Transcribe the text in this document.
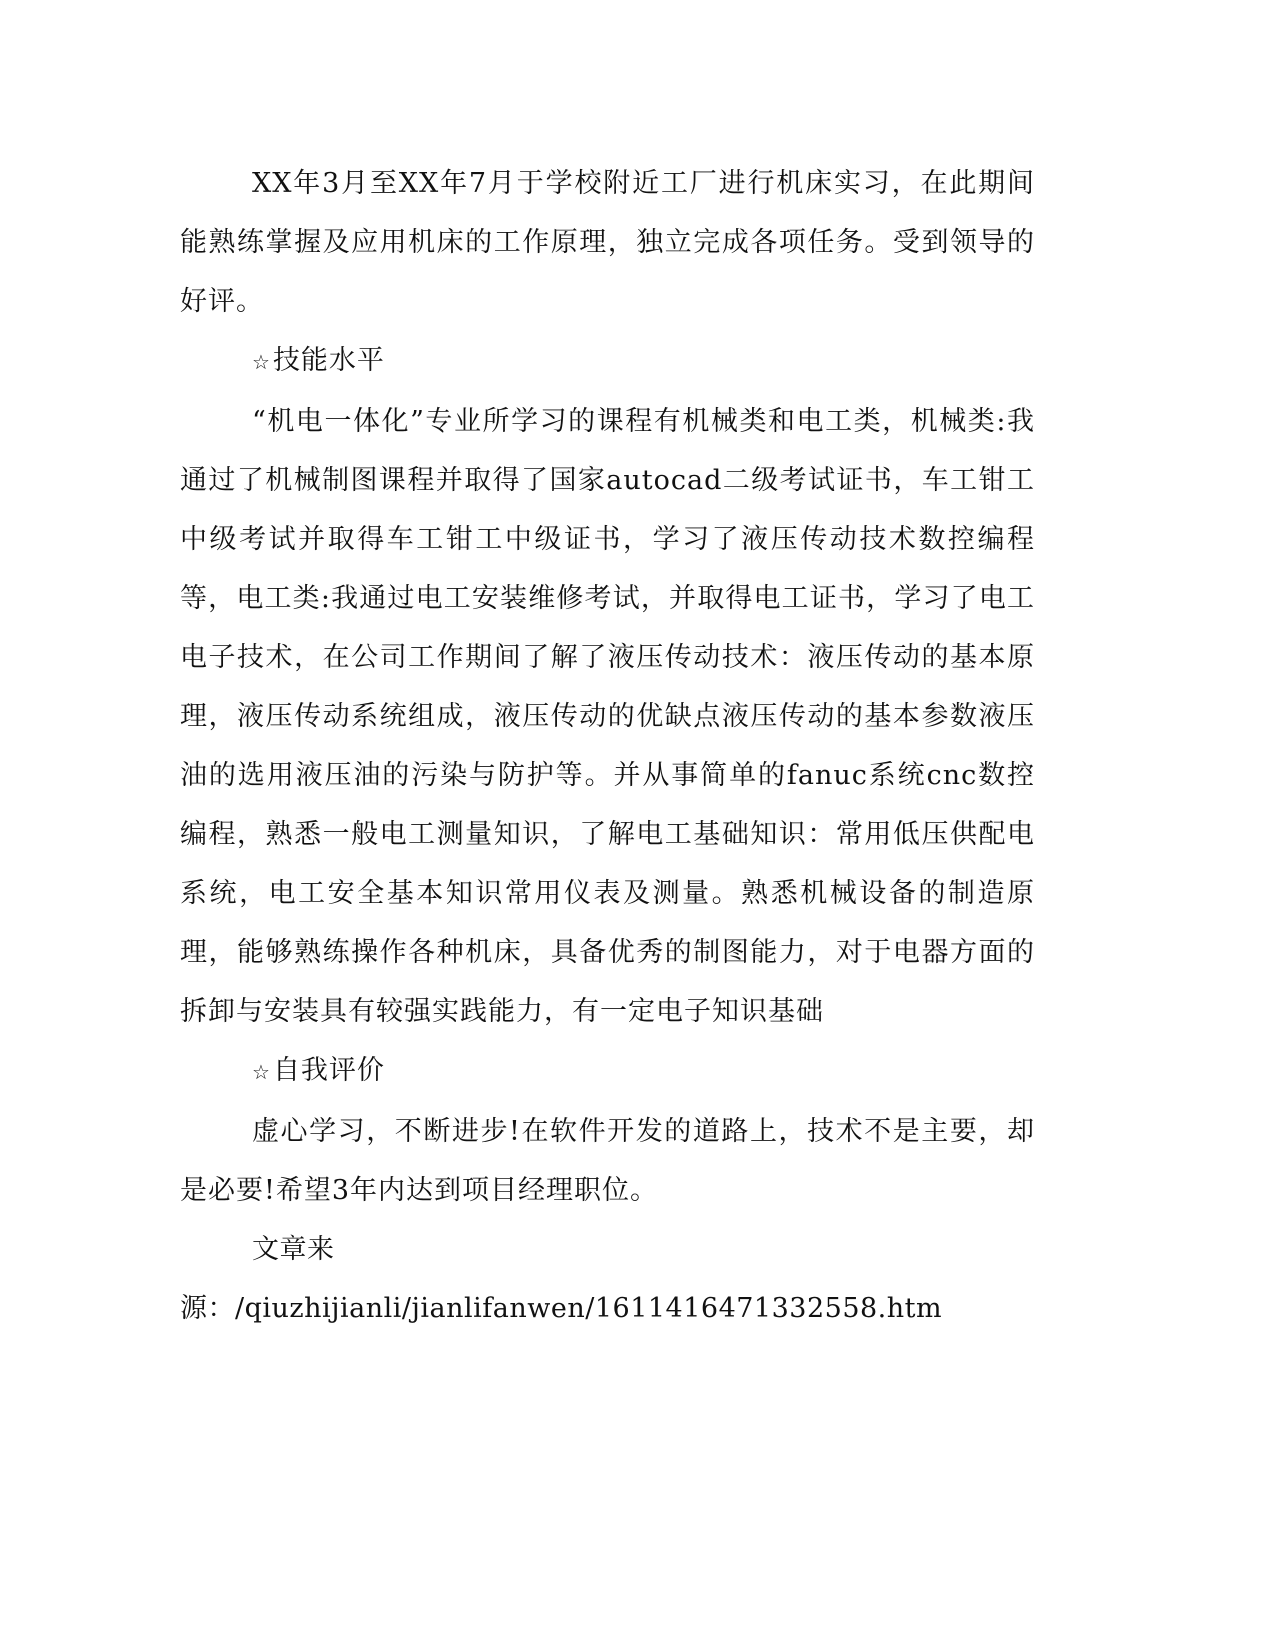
XX年3月至XX年7月于学校附近工厂进行机床实习，在此期间能熟练掌握及应用机床的工作原理，独立完成各项任务。受到领导的好评。

☆技能水平

“机电一体化”专业所学习的课程有机械类和电工类，机械类:我通过了机械制图课程并取得了国家autocad二级考试证书，车工钳工中级考试并取得车工钳工中级证书，学习了液压传动技术数控编程等，电工类:我通过电工安装维修考试，并取得电工证书，学习了电工电子技术，在公司工作期间了解了液压传动技术：液压传动的基本原理，液压传动系统组成，液压传动的优缺点液压传动的基本参数液压油的选用液压油的污染与防护等。并从事简单的fanuc系统cnc数控编程，熟悉一般电工测量知识，了解电工基础知识：常用低压供配电系统，电工安全基本知识常用仪表及测量。熟悉机械设备的制造原理，能够熟练操作各种机床，具备优秀的制图能力，对于电器方面的拆卸与安装具有较强实践能力，有一定电子知识基础

☆自我评价

虚心学习，不断进步!在软件开发的道路上，技术不是主要，却是必要!希望3年内达到项目经理职位。

文章来源：/qiuzhijianli/jianlifanwen/1611416471332558.htm
